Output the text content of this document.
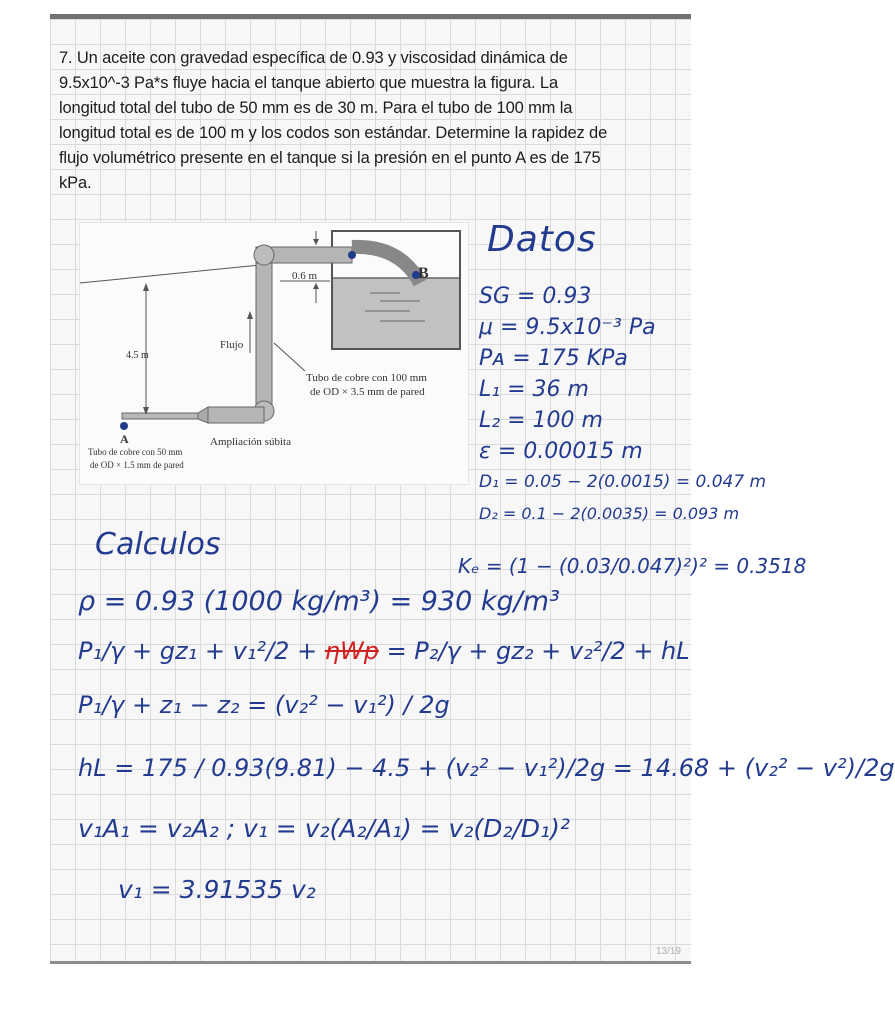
7. Un aceite con gravedad específica de 0.93 y viscosidad dinámica de
9.5x10^-3 Pa*s fluye hacia el tanque abierto que muestra la figura. La
longitud total del tubo de 50 mm es de 30 m. Para el tubo de 100 mm la
longitud total es de 100 m y los codos son estándar. Determine la rapidez de
flujo volumétrico presente en el tanque si la presión en el punto A es de 175
kPa.
0.6 m	B
4.5 m
Flujo
Tubo de cobre con 100 mm
de OD × 3.5 mm de pared
A
Tubo de cobre con 50 mm
de OD × 1.5 mm de pared
Ampliación súbita
Datos
SG = 0.93
μ = 9.5x10⁻³ Pa
Pᴀ = 175 KPa
L₁ = 36 m
L₂ = 100 m
ε = 0.00015 m
D₁ = 0.05 − 2(0.0015) = 0.047 m
D₂ = 0.1 − 2(0.0035) = 0.093 m
Calculos
Kₑ = (1 − (0.03/0.047)²)² = 0.3518
ρ = 0.93 (1000 kg/m³) = 930 kg/m³
P₁/γ + gz₁ + v₁²/2 + ηWp = P₂/γ + gz₂ + v₂²/2 + hL
P₁/γ + z₁ − z₂ = (v₂² − v₁²) / 2g
hL = 175 / 0.93(9.81) − 4.5 + (v₂² − v₁²)/2g = 14.68 + (v₂² − v²)/2g
v₁A₁ = v₂A₂ ; v₁ = v₂(A₂/A₁) = v₂(D₂/D₁)²
v₁ = 3.91535 v₂
13/19
